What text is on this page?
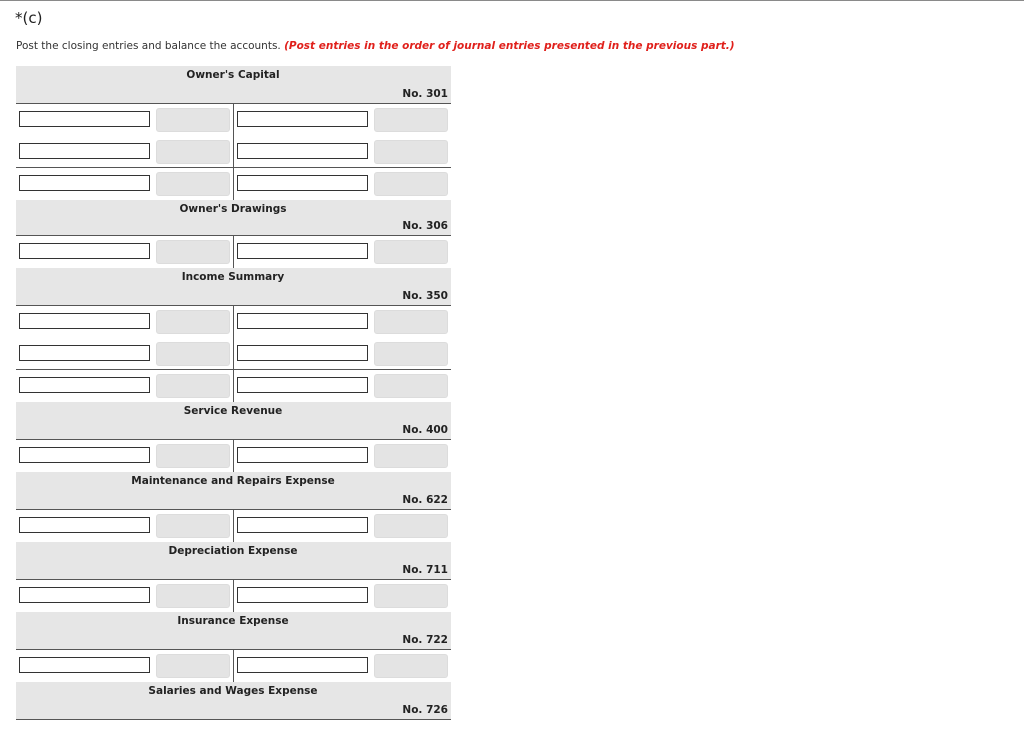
*(c)
Post the closing entries and balance the accounts. (Post entries in the order of journal entries presented in the previous part.)
Owner's Capital
No. 301
Owner's Drawings
No. 306
Income Summary
No. 350
Service Revenue
No. 400
Maintenance and Repairs Expense
No. 622
Depreciation Expense
No. 711
Insurance Expense
No. 722
Salaries and Wages Expense
No. 726
